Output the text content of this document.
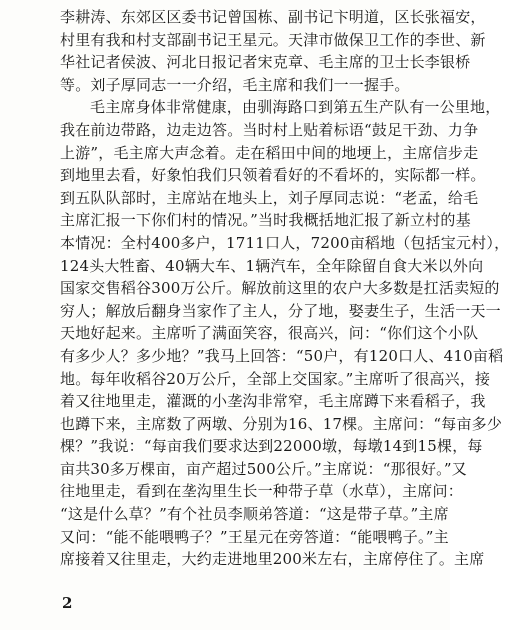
李耕涛、东郊区区委书记曾国栋、副书记卞明道，区长张福安，
村里有我和村支部副书记王星元。天津市做保卫工作的李世、新
华社记者侯波、河北日报记者宋克章、毛主席的卫士长李银桥
等。刘子厚同志一一介绍，毛主席和我们一一握手。
毛主席身体非常健康，由驯海路口到第五生产队有一公里地，
我在前边带路，边走边答。当时村上贴着标语“鼓足干劲、力争
上游”，毛主席大声念着。走在稻田中间的地埂上，主席信步走
到地里去看，好象怕我们只领着看好的不看坏的，实际都一样。
到五队队部时，主席站在地头上，刘子厚同志说：“老孟，给毛
主席汇报一下你们村的情况。”当时我概括地汇报了新立村的基
本情况：全村400多户，1711口人，7200亩稻地（包括宝元村），
124头大牲畜、40辆大车、1辆汽车，全年除留自食大米以外向
国家交售稻谷300万公斤。解放前这里的农户大多数是扛活卖短的
穷人；解放后翻身当家作了主人，分了地，娶妻生子，生活一天一
天地好起来。主席听了满面笑容，很高兴，问：“你们这个小队
有多少人？多少地？”我马上回答：“50户，有120口人、410亩稻
地。每年收稻谷20万公斤，全部上交国家。”主席听了很高兴，接
着又往地里走，灌溉的小垄沟非常窄，毛主席蹲下来看稻子，我
也蹲下来，主席数了两墩、分别为16、17棵。主席问：“每亩多少
棵？”我说：“每亩我们要求达到22000墩，每墩14到15棵，每
亩共30多万棵亩，亩产超过500公斤。”主席说：“那很好。”又
往地里走，看到在垄沟里生长一种带子草（水草），主席问：
“这是什么草？”有个社员李顺弟答道：“这是带子草。”主席
又问：“能不能喂鸭子？”王星元在旁答道：“能喂鸭子。”主
席接着又往里走，大约走进地里200米左右，主席停住了。主席
2
